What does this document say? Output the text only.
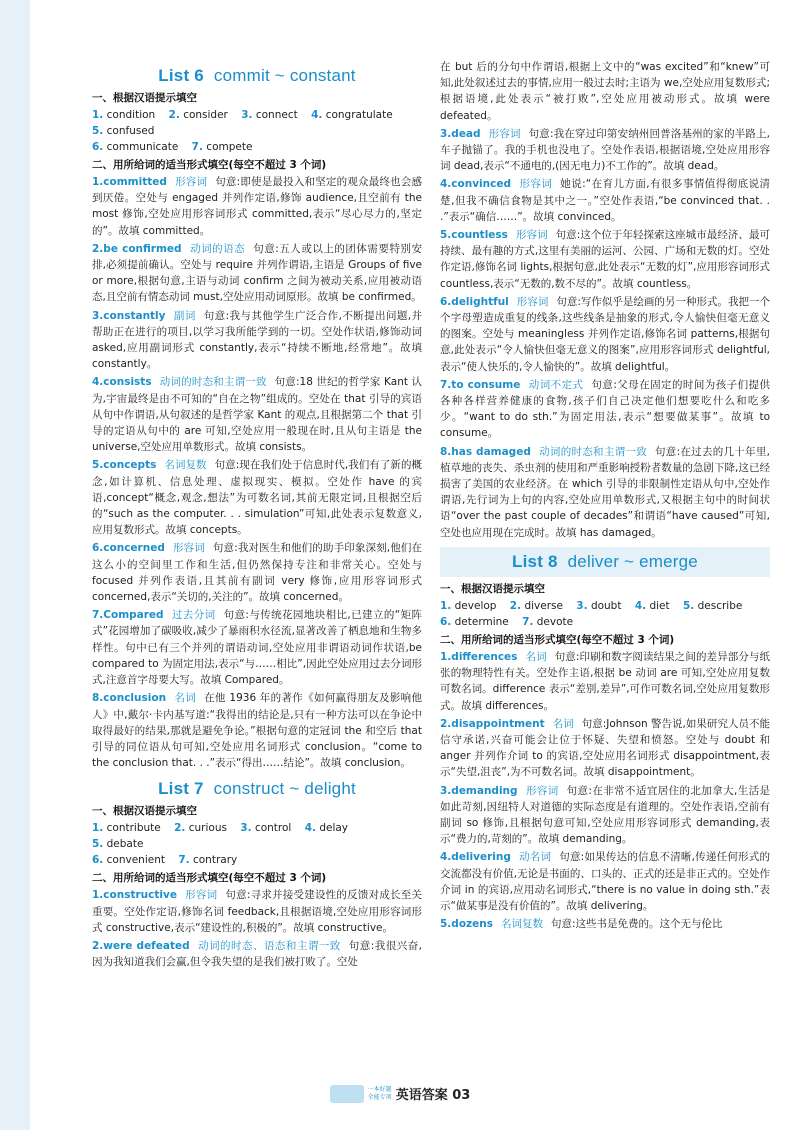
List 6 commit ~ constant
一、根据汉语提示填空
1. condition 2. consider 3. connect 4. congratulate 5. confused
6. communicate 7. compete
二、用所给词的适当形式填空(每空不超过 3 个词)
1.committed 形容词 句意:即使是最投入和坚定的观众最终也会感到厌倦。空处与 engaged 并列作定语,修饰 audience,且空前有 the most 修饰,空处应用形容词形式 committed,表示“尽心尽力的,坚定的”。故填 committed。
2.be confirmed 动词的语态 句意:五人或以上的团体需要特别安排,必须提前确认。空处与 require 并列作谓语,主语是 Groups of five or more,根据句意,主语与动词 confirm 之间为被动关系,应用被动语态,且空前有情态动词 must,空处应用动词原形。故填 be confirmed。
3.constantly 副词 句意:我与其他学生广泛合作,不断提出问题,并帮助正在进行的项目,以学习我所能学到的一切。空处作状语,修饰动词 asked,应用副词形式 constantly,表示“持续不断地,经常地”。故填 constantly。
4.consists 动词的时态和主谓一致 句意:18 世纪的哲学家 Kant 认为,宇宙最终是由不可知的“自在之物”组成的。空处在 that 引导的宾语从句中作谓语,从句叙述的是哲学家 Kant 的观点,且根据第二个 that 引导的定语从句中的 are 可知,空处应用一般现在时,且从句主语是 the universe,空处应用单数形式。故填 consists。
5.concepts 名词复数 句意:现在我们处于信息时代,我们有了新的概念,如计算机、信息处理、虚拟现实、模拟。空处作 have 的宾语,concept“概念,观念,想法”为可数名词,其前无限定词,且根据空后的“such as the computer. . . simulation”可知,此处表示复数意义,应用复数形式。故填 concepts。
6.concerned 形容词 句意:我对医生和他们的助手印象深刻,他们在这么小的空间里工作和生活,但仍然保持专注和非常关心。空处与 focused 并列作表语,且其前有副词 very 修饰,应用形容词形式 concerned,表示“关切的,关注的”。故填 concerned。
7.Compared 过去分词 句意:与传统花园地块相比,已建立的“矩阵式”花园增加了碳吸收,减少了暴雨积水径流,显著改善了栖息地和生物多样性。句中已有三个并列的谓语动词,空处应用非谓语动词作状语,be compared to 为固定用法,表示“与……相比”,因此空处应用过去分词形式,注意首字母要大写。故填 Compared。
8.conclusion 名词 在他 1936 年的著作《如何赢得朋友及影响他人》中,戴尔·卡内基写道:“我得出的结论是,只有一种方法可以在争论中取得最好的结果,那就是避免争论。”根据句意的定冠词 the 和空后 that 引导的同位语从句可知,空处应用名词形式 conclusion。“come to the conclusion that. . .”表示“得出……结论”。故填 conclusion。
List 7 construct ~ delight
一、根据汉语提示填空
1. contribute 2. curious 3. control 4. delay 5. debate
6. convenient 7. contrary
二、用所给词的适当形式填空(每空不超过 3 个词)
1.constructive 形容词 句意:寻求并接受建设性的反馈对成长至关重要。空处作定语,修饰名词 feedback,且根据语境,空处应用形容词形式 constructive,表示“建设性的,积极的”。故填 constructive。
2.were defeated 动词的时态、语态和主谓一致 句意:我很兴奋,因为我知道我们会赢,但令我失望的是我们被打败了。空处
在 but 后的分句中作谓语,根据上文中的“was excited”和“knew”可知,此处叙述过去的事情,应用一般过去时;主语为 we,空处应用复数形式;根据语境,此处表示“被打败”,空处应用被动形式。故填 were defeated。
3.dead 形容词 句意:我在穿过印第安纳州回普洛基州的家的半路上,车子抛锚了。我的手机也没电了。空处作表语,根据语境,空处应用形容词 dead,表示“不通电的,(因无电力)不工作的”。故填 dead。
4.convinced 形容词 她说:“在育儿方面,有很多事情值得彻底说清楚,但我不确信食物是其中之一。”空处作表语,“be convinced that. . .”表示“确信……”。故填 convinced。
5.countless 形容词 句意:这个位于年轻探索这座城市最经济、最可持续、最有趣的方式,这里有美丽的运河、公园、广场和无数的灯。空处作定语,修饰名词 lights,根据句意,此处表示“无数的灯”,应用形容词形式 countless,表示“无数的,数不尽的”。故填 countless。
6.delightful 形容词 句意:写作似乎是绘画的另一种形式。我把一个个字母塑造成重复的线条,这些线条是抽象的形式,令人愉快但毫无意义的图案。空处与 meaningless 并列作定语,修饰名词 patterns,根据句意,此处表示“令人愉快但毫无意义的图案”,应用形容词形式 delightful,表示“使人快乐的,令人愉快的”。故填 delightful。
7.to consume 动词不定式 句意:父母在固定的时间为孩子们提供各种各样营养健康的食物,孩子们自己决定他们想要吃什么和吃多少。“want to do sth.”为固定用法,表示“想要做某事”。故填 to consume。
8.has damaged 动词的时态和主谓一致 句意:在过去的几十年里,植草地的丧失、杀虫剂的使用和严重影响授粉者数量的急剧下降,这已经损害了美国的农业经济。在 which 引导的非限制性定语从句中,空处作谓语,先行词为上句的内容,空处应用单数形式,又根据主句中的时间状语“over the past couple of decades”和谓语“have caused”可知,空处也应用现在完成时。故填 has damaged。
List 8 deliver ~ emerge
一、根据汉语提示填空
1. develop 2. diverse 3. doubt 4. diet 5. describe
6. determine 7. devote
二、用所给词的适当形式填空(每空不超过 3 个词)
1.differences 名词 句意:印刷和数字阅读结果之间的差异部分与纸张的物理特性有关。空处作主语,根据 be 动词 are 可知,空处应用复数可数名词。difference 表示“差别,差异”,可作可数名词,空处应用复数形式。故填 differences。
2.disappointment 名词 句意:Johnson 警告说,如果研究人员不能信守承诺,兴奋可能会让位于怀疑、失望和愤怒。空处与 doubt 和 anger 并列作介词 to 的宾语,空处应用名词形式 disappointment,表示“失望,沮丧”,为不可数名词。故填 disappointment。
3.demanding 形容词 句意:在非常不适宜居住的北加拿大,生活是如此苛刻,因纽特人对道德的实际态度是有道理的。空处作表语,空前有副词 so 修饰,且根据句意可知,空处应用形容词形式 demanding,表示“费力的,苛刻的”。故填 demanding。
4.delivering 动名词 句意:如果传达的信息不清晰,传递任何形式的交流都没有价值,无论是书面的、口头的、正式的还是非正式的。空处作介词 in 的宾语,应用动名词形式,“there is no value in doing sth.”表示“做某事是没有价值的”。故填 delivering。
5.dozens 名词复数 句意:这些书是免费的。这个无与伦比
一本好题
全能专项 英语答案 03
